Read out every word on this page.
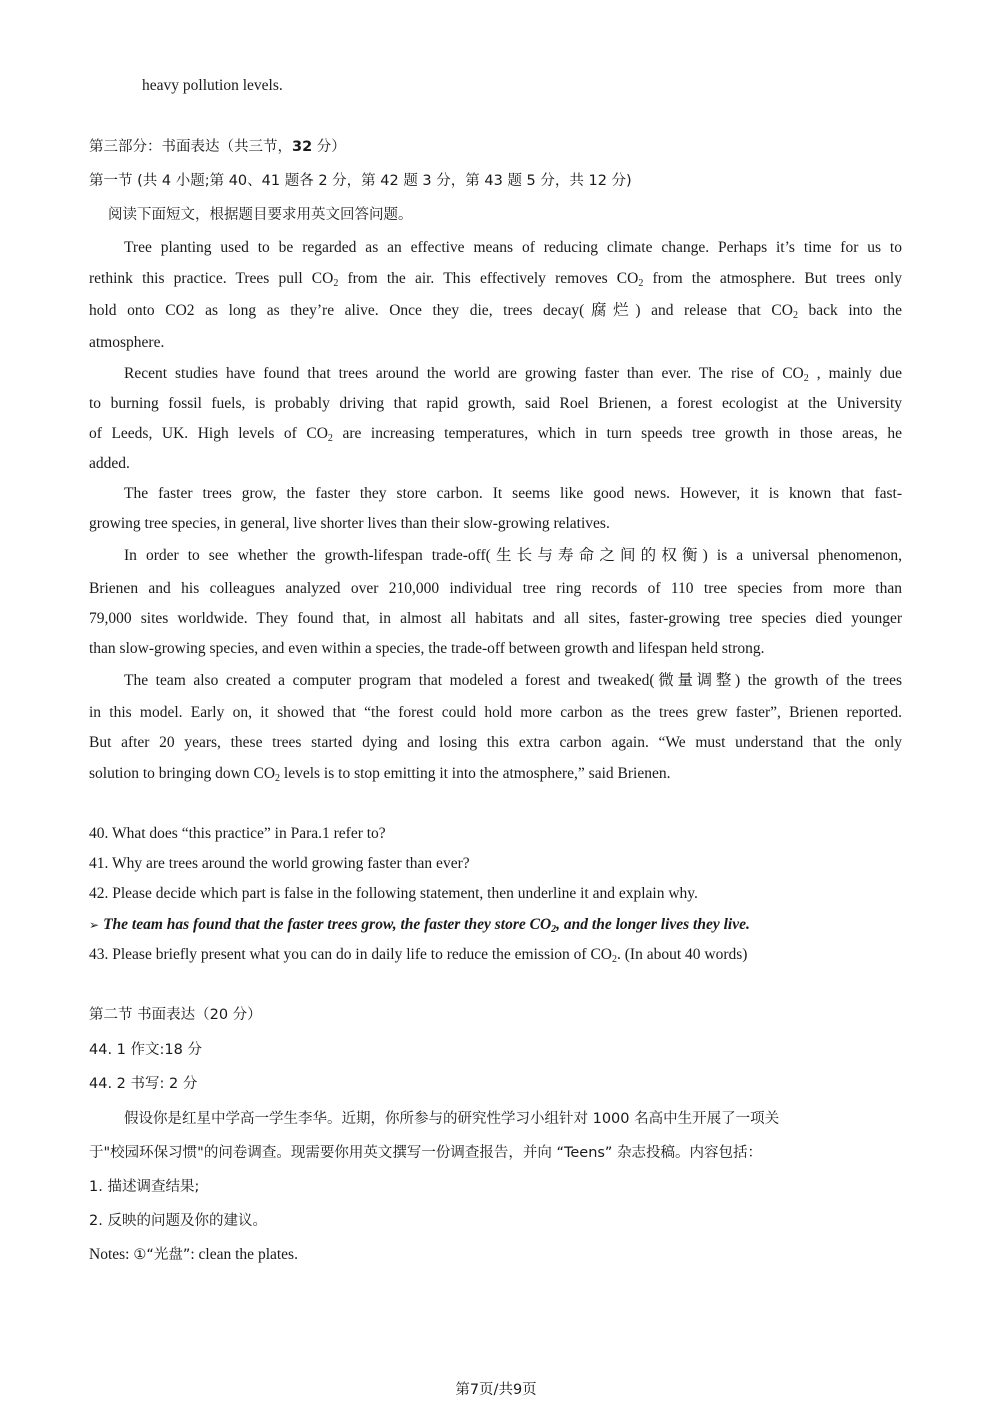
heavy pollution levels.
第三部分：书面表达（共三节，32 分）
第一节 (共 4 小题;第 40、41 题各 2 分，第 42 题 3 分，第 43 题 5 分，共 12 分)
阅读下面短文，根据题目要求用英文回答问题。
Tree planting used to be regarded as an effective means of reducing climate change. Perhaps it’s time for us to
rethink this practice. Trees pull $CO_2$ from the air. This effectively removes $CO_2$ from the atmosphere. But trees only
hold onto CO2 as long as they’re alive. Once they die, trees decay(腐烂) and release that $CO_2$ back into the
atmosphere.
Recent studies have found that trees around the world are growing faster than ever. The rise of $CO_2$ , mainly due
to burning fossil fuels, is probably driving that rapid growth, said Roel Brienen, a forest ecologist at the University
of Leeds, UK. High levels of $CO_2$ are increasing temperatures, which in turn speeds tree growth in those areas, he
added.
The faster trees grow, the faster they store carbon. It seems like good news. However, it is known that fast-
growing tree species, in general, live shorter lives than their slow-growing relatives.
In order to see whether the growth-lifespan trade-off(生长与寿命之间的权衡) is a universal phenomenon,
Brienen and his colleagues analyzed over 210,000 individual tree ring records of 110 tree species from more than
79,000 sites worldwide. They found that, in almost all habitats and all sites, faster-growing tree species died younger
than slow-growing species, and even within a species, the trade-off between growth and lifespan held strong.
The team also created a computer program that modeled a forest and tweaked(微量调整) the growth of the trees
in this model. Early on, it showed that “the forest could hold more carbon as the trees grew faster”, Brienen reported.
But after 20 years, these trees started dying and losing this extra carbon again. “We must understand that the only
solution to bringing down $CO_2$ levels is to stop emitting it into the atmosphere,” said Brienen.
40. What does “this practice” in Para.1 refer to?
41. Why are trees around the world growing faster than ever?
42. Please decide which part is false in the following statement, then underline it and explain why.
➢ The team has found that the faster trees grow, the faster they store $CO_2$, and the longer lives they live.
43. Please briefly present what you can do in daily life to reduce the emission of $CO_2$. (In about 40 words)
第二节 书面表达（20 分）
44. 1 作文:18 分
44. 2 书写: 2 分
假设你是红星中学高一学生李华。近期，你所参与的研究性学习小组针对 1000 名高中生开展了一项关
于"校园环保习惯"的问卷调查。现需要你用英文撰写一份调查报告，并向 “Teens” 杂志投稿。内容包括：
1. 描述调查结果;
2. 反映的问题及你的建议。
Notes: ①“光盘”: clean the plates.
第7页/共9页
